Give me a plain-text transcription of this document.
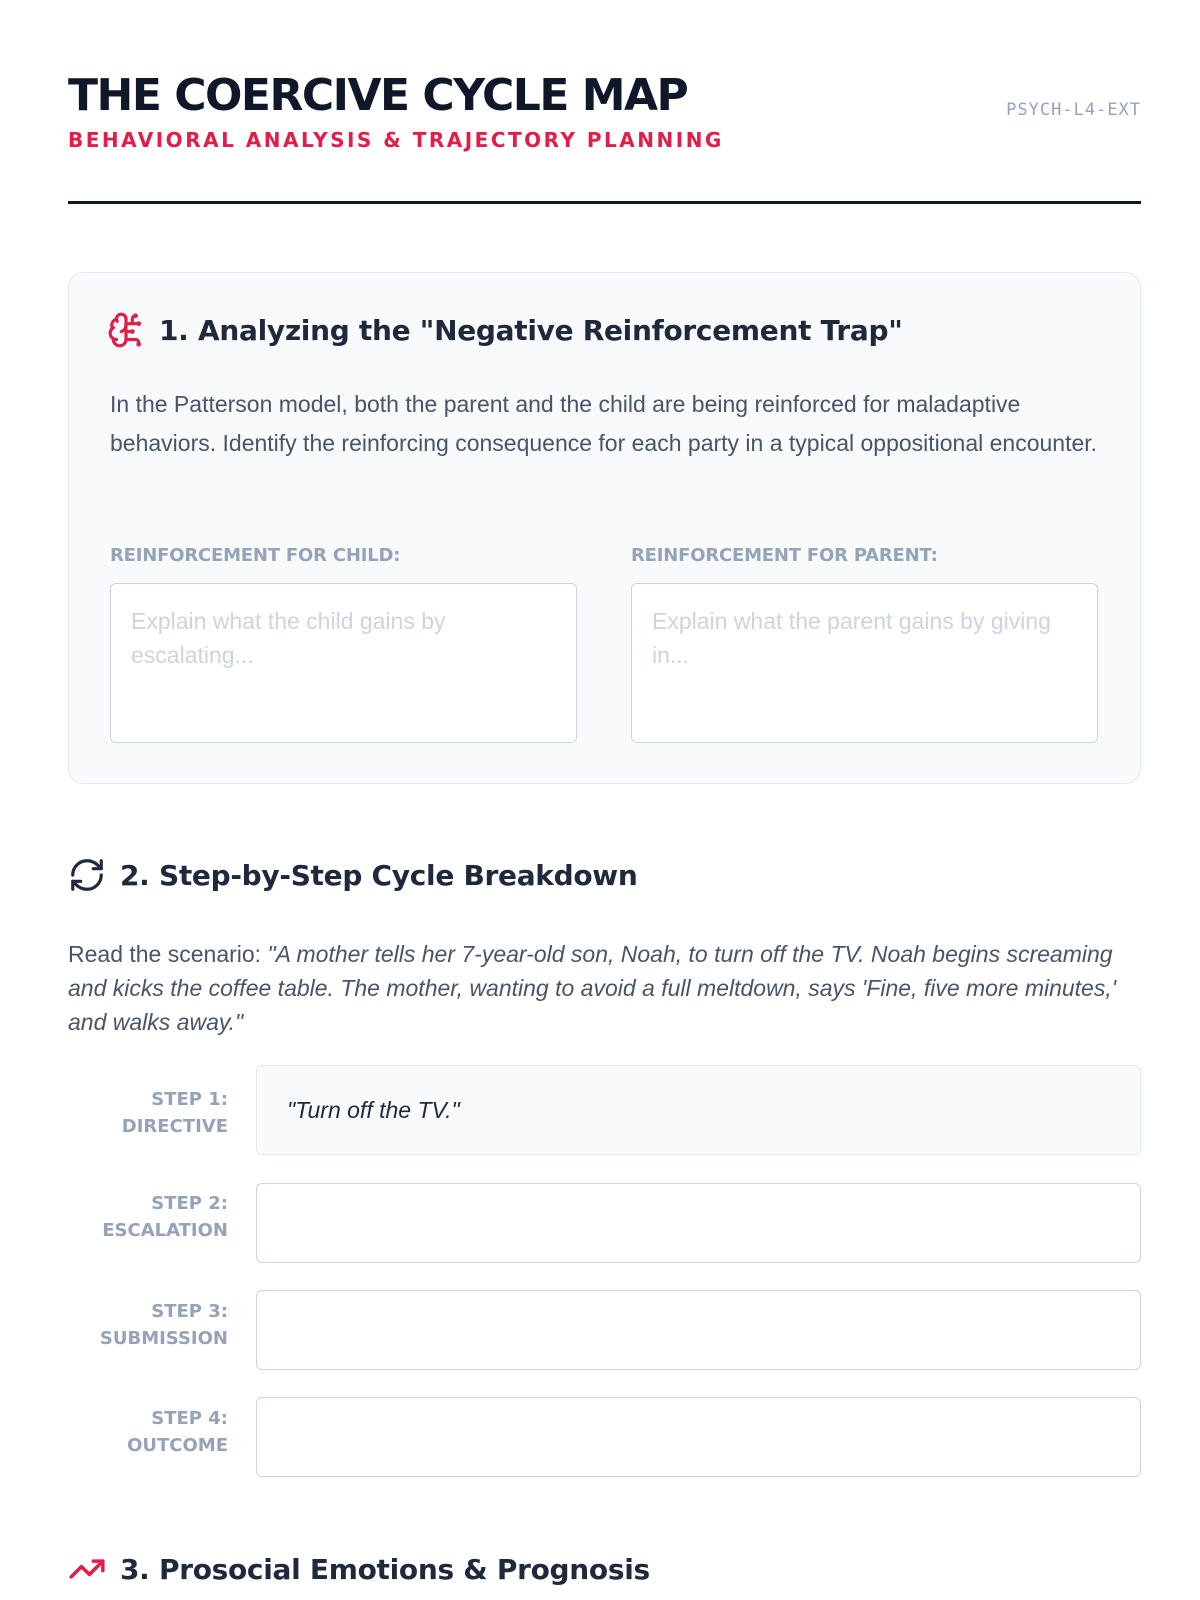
THE COERCIVE CYCLE MAP
BEHAVIORAL ANALYSIS & TRAJECTORY PLANNING
PSYCH-L4-EXT
1. Analyzing the "Negative Reinforcement Trap"
In the Patterson model, both the parent and the child are being reinforced for maladaptive behaviors. Identify the reinforcing consequence for each party in a typical oppositional encounter.
REINFORCEMENT FOR CHILD:
Explain what the child gains by escalating...	REINFORCEMENT FOR PARENT:
Explain what the parent gains by giving in...
2. Step-by-Step Cycle Breakdown
Read the scenario: "A mother tells her 7-year-old son, Noah, to turn off the TV. Noah begins screaming and kicks the coffee table. The mother, wanting to avoid a full meltdown, says 'Fine, five more minutes,' and walks away."
STEP 1:
DIRECTIVE
"Turn off the TV."
STEP 2:
ESCALATION
STEP 3:
SUBMISSION
STEP 4:
OUTCOME
3. Prosocial Emotions & Prognosis
